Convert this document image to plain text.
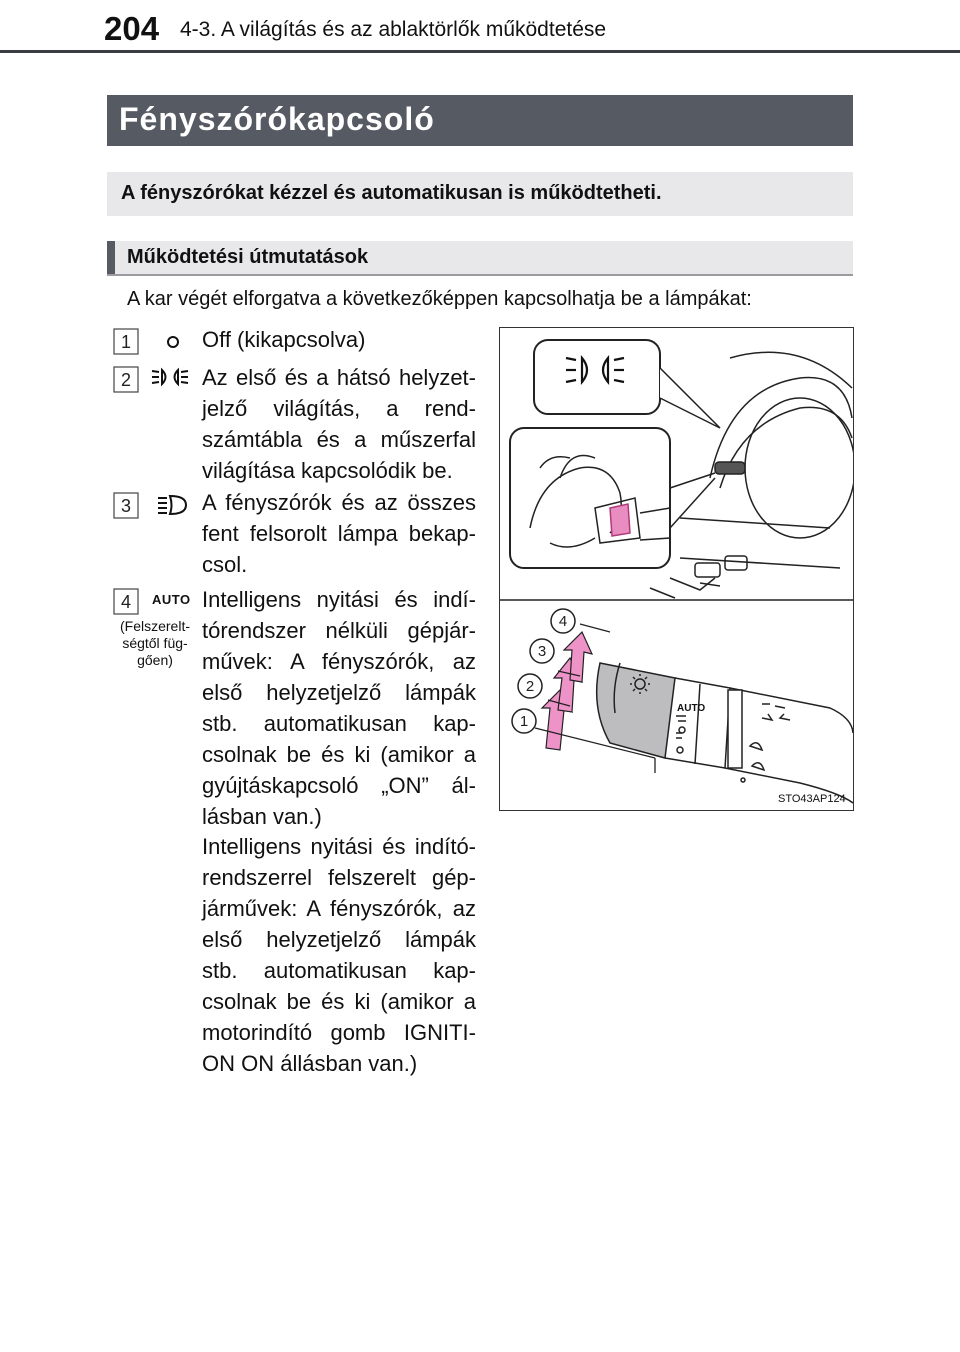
204 4-3. A világítás és az ablaktörlők működtetése
Fényszórókapcsoló
A fényszórókat kézzel és automatikusan is működtetheti.
Működtetési útmutatások
A kar végét elforgatva a következőképpen kapcsolhatja be a lámpákat:
1
2
3
4 AUTO
(Felszerelt-
ségtől füg-
gően)
Off (kikapcsolva)
Az első és a hátsó helyzet-
jelző világítás, a rend-
számtábla és a műszerfal
világítása kapcsolódik be.
A fényszórók és az összes
fent felsorolt lámpa bekap-
csol.
Intelligens nyitási és indí-
tórendszer nélküli gépjár-
művek: A fényszórók, az
első helyzetjelző lámpák
stb. automatikusan kap-
csolnak be és ki (amikor a
gyújtáskapcsoló „ON” ál-
lásban van.)
Intelligens nyitási és indító-
rendszerrel felszerelt gép-
járművek: A fényszórók, az
első helyzetjelző lámpák
stb. automatikusan kap-
csolnak be és ki (amikor a
motorindító gomb IGNITI-
ON ON állásban van.)
AUTO
1
2
3
4
STO43AP124
